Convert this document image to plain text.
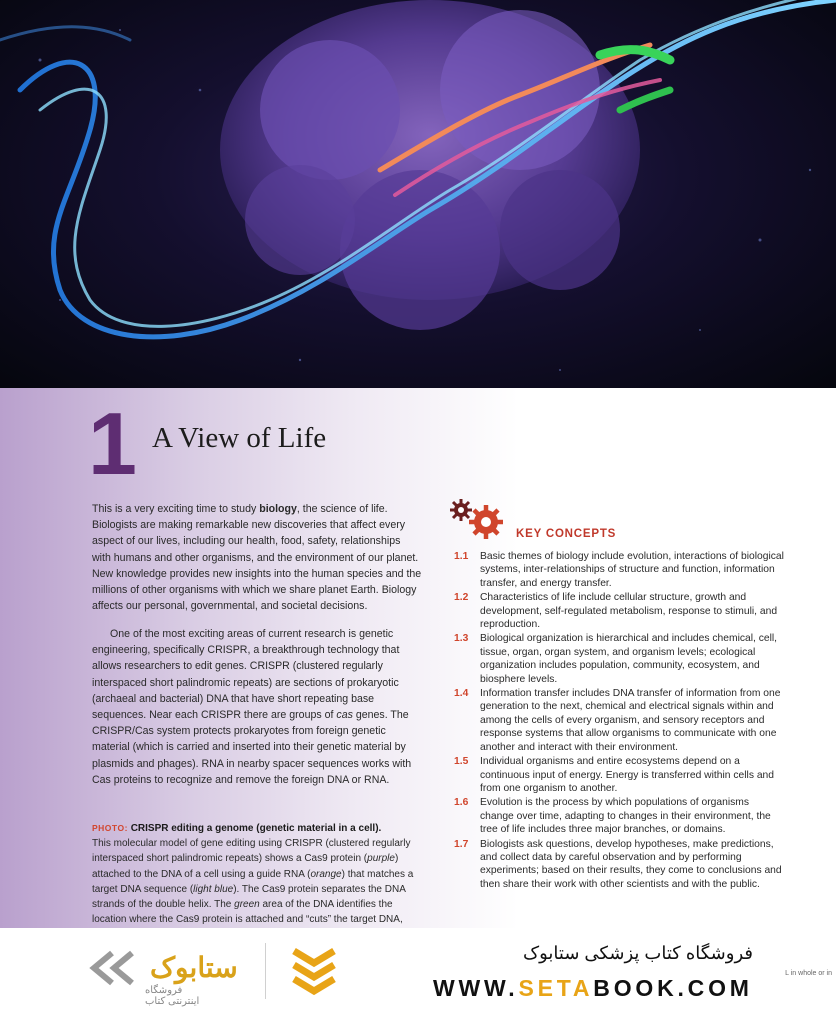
1 A View of Life
This is a very exciting time to study biology, the science of life. Biologists are making remarkable new discoveries that affect every aspect of our lives, including our health, food, safety, relationships with humans and other organisms, and the environment of our planet. New knowledge provides new insights into the human species and the millions of other organisms with which we share planet Earth. Biology affects our personal, governmental, and societal decisions.
One of the most exciting areas of current research is genetic engineering, specifically CRISPR, a breakthrough technology that allows researchers to edit genes. CRISPR (clustered regularly interspaced short palindromic repeats) are sections of prokaryotic (archaeal and bacterial) DNA that have short repeating base sequences. Near each CRISPR there are groups of cas genes. The CRISPR/Cas system protects prokaryotes from foreign genetic material (which is carried and inserted into their genetic material by plasmids and phages). RNA in nearby spacer sequences works with Cas proteins to recognize and remove the foreign DNA or RNA.
PHOTO: CRISPR editing a genome (genetic material in a cell).
This molecular model of gene editing using CRISPR (clustered regularly interspaced short palindromic repeats) shows a Cas9 protein (purple) attached to the DNA of a cell using a guide RNA (orange) that matches a target DNA sequence (light blue). The Cas9 protein separates the DNA strands of the double helix. The green area of the DNA identifies the location where the Cas9 protein is attached and “cuts” the target DNA,
KEY CONCEPTS
1.1 Basic themes of biology include evolution, interactions of biological systems, inter-relationships of structure and function, information transfer, and energy transfer.
1.2 Characteristics of life include cellular structure, growth and development, self-regulated metabolism, response to stimuli, and reproduction.
1.3 Biological organization is hierarchical and includes chemical, cell, tissue, organ, organ system, and organism levels; ecological organization includes population, community, ecosystem, and biosphere levels.
1.4 Information transfer includes DNA transfer of information from one generation to the next, chemical and electrical signals within and among the cells of every organism, and sensory receptors and response systems that allow organisms to communicate with one another and interact with their environment.
1.5 Individual organisms and entire ecosystems depend on a continuous input of energy. Energy is transferred within cells and from one organism to another.
1.6 Evolution is the process by which populations of organisms change over time, adapting to changes in their environment, the tree of life includes three major branches, or domains.
1.7 Biologists ask questions, develop hypotheses, make predictions, and collect data by careful observation and by performing experiments; based on their results, they come to conclusions and then share their work with other scientists and with the public.
ستابوک
فروشگاه اینترنتی کتاب
فروشگاه کتاب پزشکی ستابوک
WWW.SETABOOK.COM
L in whole or in
